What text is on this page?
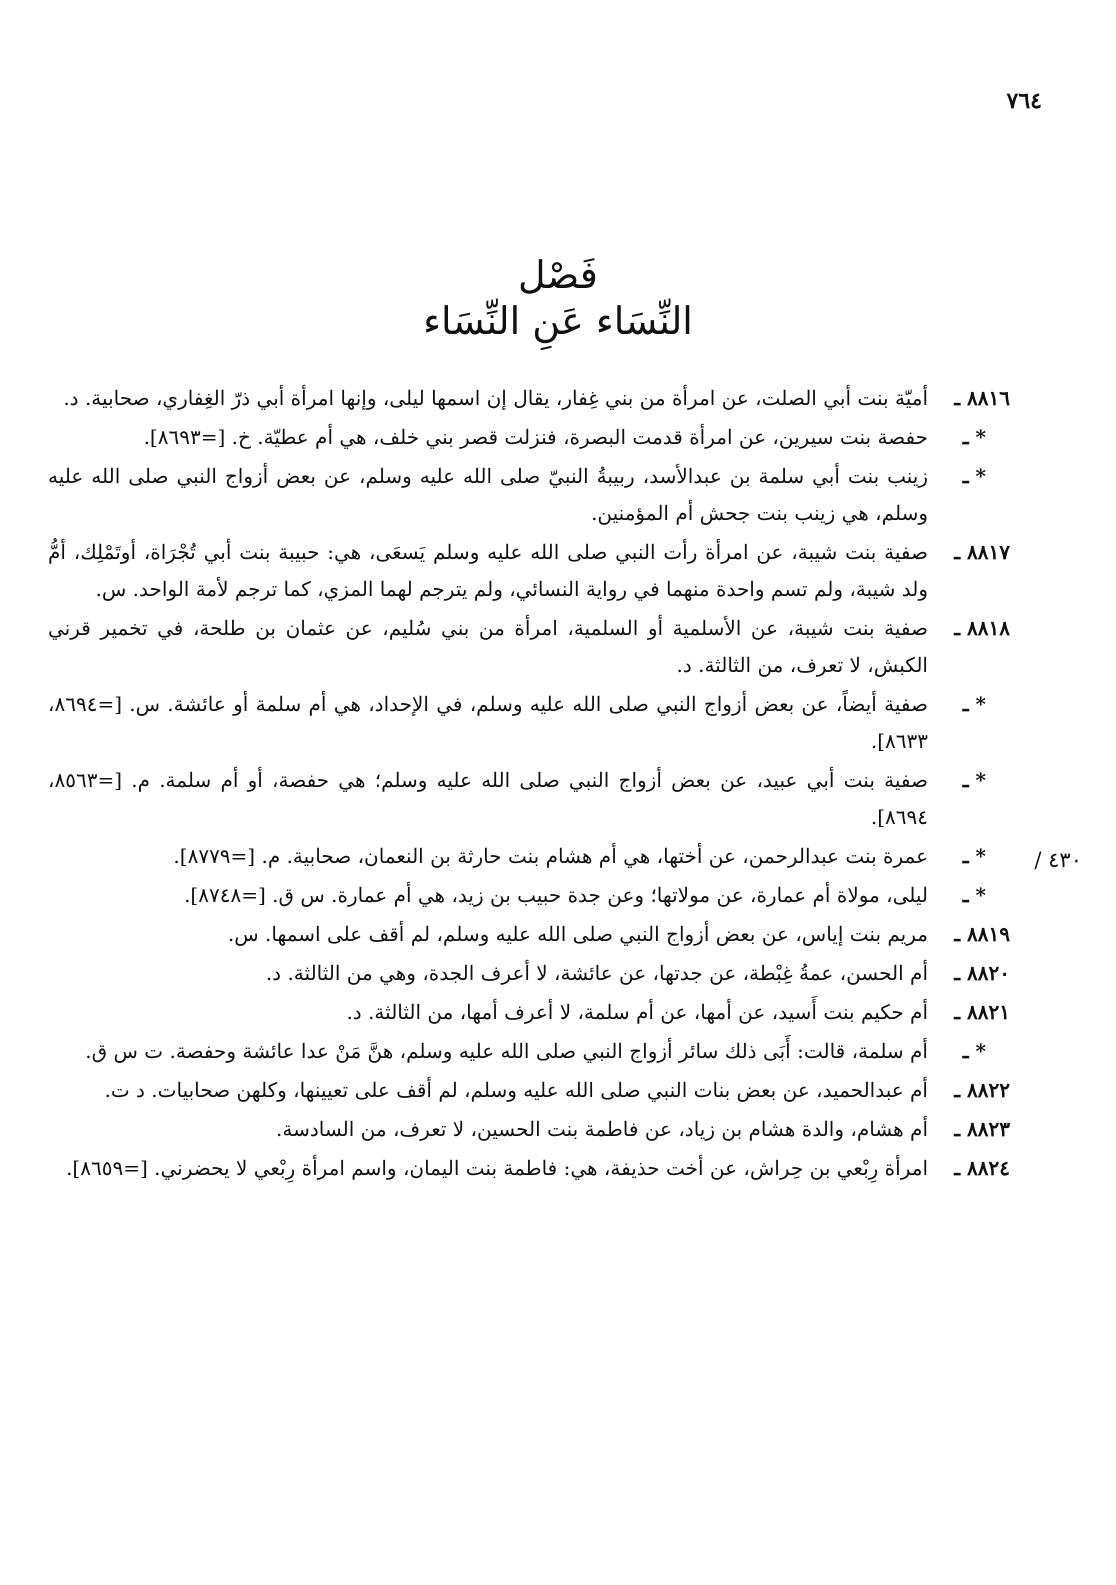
٧٦٤
فَصْل
النِّسَاء عَنِ النِّسَاء
٤٣٠ /
٨٨١٦ ـ
أميّة بنت أبي الصلت، عن امرأة من بني غِفار، يقال إن اسمها ليلى، وإنها امرأة أبي ذرّ الغِفاري، صحابية. د.
* ـ
حفصة بنت سيرين، عن امرأة قدمت البصرة، فنزلت قصر بني خلف، هي أم عطيّة. خ. [=٨٦٩٣].
* ـ
زينب بنت أبي سلمة بن عبدالأسد، ربيبةُ النبيّ صلى الله عليه وسلم، عن بعض أزواج النبي صلى الله عليه وسلم، هي زينب بنت جحش أم المؤمنين.
٨٨١٧ ـ
صفية بنت شيبة، عن امرأة رأت النبي صلى الله عليه وسلم يَسعَى، هي: حبيبة بنت أبي تُجْرَاة، أوتَمْلِك، أمُّ ولد شيبة، ولم تسم واحدة منهما في رواية النسائي، ولم يترجم لهما المزي، كما ترجم لأمة الواحد. س.
٨٨١٨ ـ
صفية بنت شيبة، عن الأسلمية أو السلمية، امرأة من بني سُليم، عن عثمان بن طلحة، في تخمير قرني الكبش، لا تعرف، من الثالثة. د.
* ـ
صفية أيضاً، عن بعض أزواج النبي صلى الله عليه وسلم، في الإحداد، هي أم سلمة أو عائشة. س. [=٨٦٩٤، ٨٦٣٣].
* ـ
صفية بنت أبي عبيد، عن بعض أزواج النبي صلى الله عليه وسلم؛ هي حفصة، أو أم سلمة. م. [=٨٥٦٣، ٨٦٩٤].
* ـ
عمرة بنت عبدالرحمن، عن أختها، هي أم هشام بنت حارثة بن النعمان، صحابية. م. [=٨٧٧٩].
* ـ
ليلى، مولاة أم عمارة، عن مولاتها؛ وعن جدة حبيب بن زيد، هي أم عمارة. س ق. [=٨٧٤٨].
٨٨١٩ ـ
مريم بنت إياس، عن بعض أزواج النبي صلى الله عليه وسلم، لم أقف على اسمها. س.
٨٨٢٠ ـ
أم الحسن، عمةُ غِبْطة، عن جدتها، عن عائشة، لا أعرف الجدة، وهي من الثالثة. د.
٨٨٢١ ـ
أم حكيم بنت أَسيد، عن أمها، عن أم سلمة، لا أعرف أمها، من الثالثة. د.
* ـ
أم سلمة، قالت: أَبَى ذلك سائر أزواج النبي صلى الله عليه وسلم، هنَّ مَنْ عدا عائشة وحفصة. ت س ق.
٨٨٢٢ ـ
أم عبدالحميد، عن بعض بنات النبي صلى الله عليه وسلم، لم أقف على تعيينها، وكلهن صحابيات. د ت.
٨٨٢٣ ـ
أم هشام، والدة هشام بن زياد، عن فاطمة بنت الحسين، لا تعرف، من السادسة.
٨٨٢٤ ـ
امرأة رِبْعي بن حِراش، عن أخت حذيفة، هي: فاطمة بنت اليمان، واسم امرأة رِبْعي لا يحضرني. [=٨٦٥٩].
